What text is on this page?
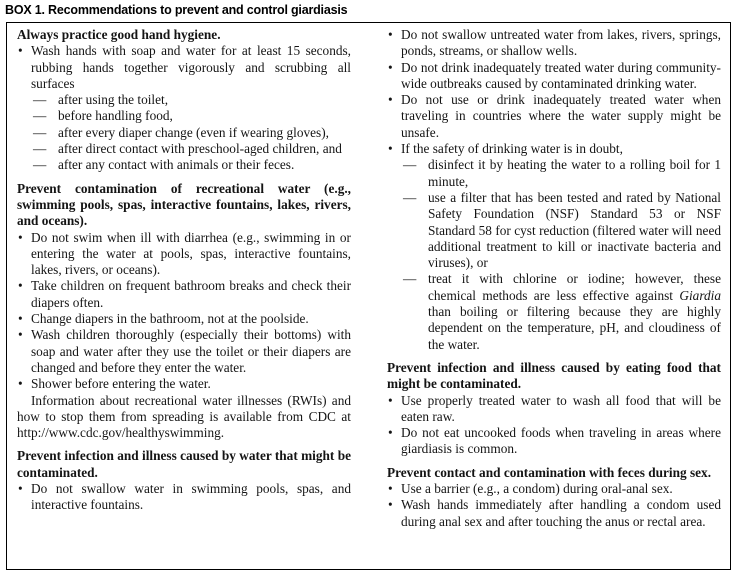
BOX 1. Recommendations to prevent and control giardiasis

Always practice good hand hygiene.

• Wash hands with soap and water for at least 15 seconds, rubbing hands together vigorously and scrubbing all surfaces
— after using the toilet,
— before handling food,
— after every diaper change (even if wearing gloves),
— after direct contact with preschool-aged children, and
— after any contact with animals or their feces.

Prevent contamination of recreational water (e.g., swimming pools, spas, interactive fountains, lakes, rivers, and oceans).

• Do not swim when ill with diarrhea (e.g., swimming in or entering the water at pools, spas, interactive fountains, lakes, rivers, or oceans).
• Take children on frequent bathroom breaks and check their diapers often.
• Change diapers in the bathroom, not at the poolside.
• Wash children thoroughly (especially their bottoms) with soap and water after they use the toilet or their diapers are changed and before they enter the water.
• Shower before entering the water.

Information about recreational water illnesses (RWIs) and how to stop them from spreading is available from CDC at http://www.cdc.gov/healthyswimming.

Prevent infection and illness caused by water that might be contaminated.

• Do not swallow water in swimming pools, spas, and interactive fountains.
• Do not swallow untreated water from lakes, rivers, springs, ponds, streams, or shallow wells.
• Do not drink inadequately treated water during community-wide outbreaks caused by contaminated drinking water.
• Do not use or drink inadequately treated water when traveling in countries where the water supply might be unsafe.
• If the safety of drinking water is in doubt,
— disinfect it by heating the water to a rolling boil for 1 minute,
— use a filter that has been tested and rated by National Safety Foundation (NSF) Standard 53 or NSF Standard 58 for cyst reduction (filtered water will need additional treatment to kill or inactivate bacteria and viruses), or
— treat it with chlorine or iodine; however, these chemical methods are less effective against Giardia than boiling or filtering because they are highly dependent on the temperature, pH, and cloudiness of the water.

Prevent infection and illness caused by eating food that might be contaminated.

• Use properly treated water to wash all food that will be eaten raw.
• Do not eat uncooked foods when traveling in areas where giardiasis is common.

Prevent contact and contamination with feces during sex.

• Use a barrier (e.g., a condom) during oral-anal sex.
• Wash hands immediately after handling a condom used during anal sex and after touching the anus or rectal area.
